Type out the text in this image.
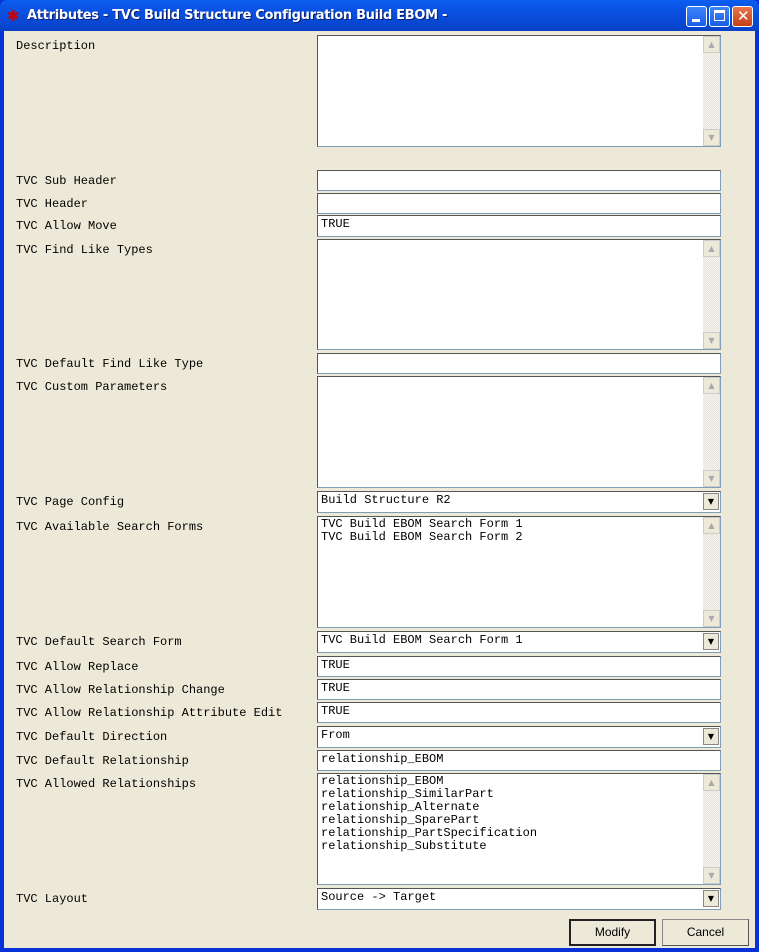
✱ Attributes - TVC Build Structure Configuration Build EBOM -	✕
Modify	Cancel
Description	▲
▼
TVC Sub Header
TVC Header
TVC Allow Move	TRUE
TVC Find Like Types	▲
▼
TVC Default Find Like Type
TVC Custom Parameters	▲
▼
TVC Page Config	Build Structure R2	▼
TVC Available Search Forms	TVC Build EBOM Search Form 1
TVC Build EBOM Search Form 2
▲
▼
TVC Default Search Form	TVC Build EBOM Search Form 1	▼
TVC Allow Replace	TRUE
TVC Allow Relationship Change	TRUE
TVC Allow Relationship Attribute Edit	TRUE
TVC Default Direction	From	▼
TVC Default Relationship	relationship_EBOM
TVC Allowed Relationships	relationship_EBOM
relationship_SimilarPart
relationship_Alternate
relationship_SparePart
relationship_PartSpecification
relationship_Substitute
▲
▼
TVC Layout	Source -> Target	▼
